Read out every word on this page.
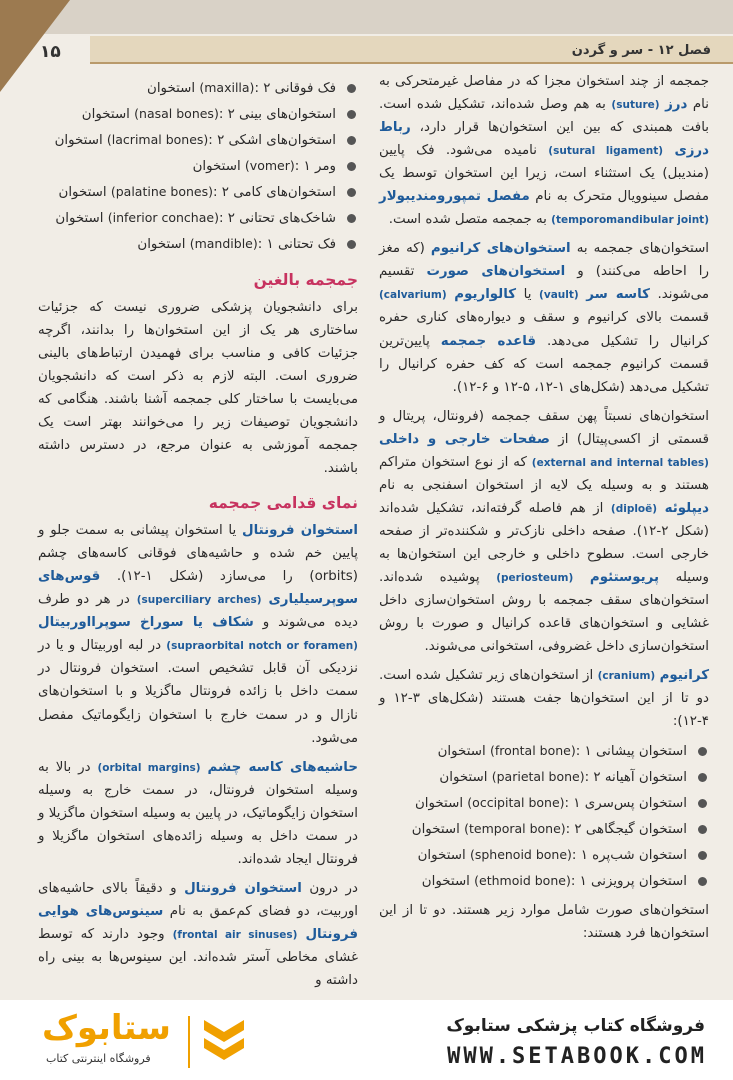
فصل ۱۲ - سر و گردن
۱۵

جمجمه از چند استخوان مجزا که در مفاصل غیرمتحرکی به نام درز (suture) به هم وصل شده‌اند، تشکیل شده است. بافت همبندی که بین این استخوان‌ها قرار دارد، رباط درزی (sutural ligament) نامیده می‌شود. فک پایین (مندیبل) یک استثناء است، زیرا این استخوان توسط یک مفصل سینوویال متحرک به نام مفصل تمپورومندیبولار (temporomandibular joint) به جمجمه متصل شده است.

استخوان‌های جمجمه به استخوان‌های کرانیوم (که مغز را احاطه می‌کنند) و استخوان‌های صورت تقسیم می‌شوند. کاسه سر (vault) یا کالواریوم (calvarium) قسمت بالای کرانیوم و سقف و دیواره‌های کناری حفره کرانیال را تشکیل می‌دهد. قاعده جمجمه پایین‌ترین قسمت کرانیوم جمجمه است که کف حفره کرانیال را تشکیل می‌دهد (شکل‌های ۱-۱۲، ۵-۱۲ و ۶-۱۲).

استخوان‌های نسبتاً پهن سقف جمجمه (فرونتال، پریتال و قسمتی از اکسی‌پیتال) از صفحات خارجی و داخلی (external and internal tables) که از نوع استخوان متراکم هستند و به وسیله یک لایه از استخوان اسفنجی به نام دیپلوئه (diploë) از هم فاصله گرفته‌اند، تشکیل شده‌اند (شکل ۲-۱۲). صفحه داخلی نازک‌تر و شکننده‌تر از صفحه خارجی است. سطوح داخلی و خارجی این استخوان‌ها به وسیله پریوستئوم (periosteum) پوشیده شده‌اند. استخوان‌های سقف جمجمه با روش استخوان‌سازی داخل غشایی و استخوان‌های قاعده کرانیال و صورت با روش استخوان‌سازی داخل غضروفی، استخوانی می‌شوند.

کرانیوم (cranium) از استخوان‌های زیر تشکیل شده است. دو تا از این استخوان‌ها جفت هستند (شکل‌های ۳-۱۲ و ۴-۱۲):

استخوان پیشانی (frontal bone): ۱ استخوان
استخوان آهیانه (parietal bone): ۲ استخوان
استخوان پس‌سری (occipital bone): ۱ استخوان
استخوان گیجگاهی (temporal bone): ۲ استخوان
استخوان شب‌پره (sphenoid bone): ۱ استخوان
استخوان پرویزنی (ethmoid bone): ۱ استخوان

استخوان‌های صورت شامل موارد زیر هستند. دو تا از این استخوان‌ها فرد هستند:

فک فوقانی (maxilla): ۲ استخوان
استخوان‌های بینی (nasal bones): ۲ استخوان
استخوان‌های اشکی (lacrimal bones): ۲ استخوان
ومر (vomer): ۱ استخوان
استخوان‌های کامی (palatine bones): ۲ استخوان
شاخک‌های تحتانی (inferior conchae): ۲ استخوان
فک تحتانی (mandible): ۱ استخوان
جمجمه بالغین

برای دانشجویان پزشکی ضروری نیست که جزئیات ساختاری هر یک از این استخوان‌ها را بدانند، اگرچه جزئیات کافی و مناسب برای فهمیدن ارتباط‌های بالینی ضروری است. البته لازم به ذکر است که دانشجویان می‌بایست با ساختار کلی جمجمه آشنا باشند. هنگامی که دانشجویان توصیفات زیر را می‌خوانند بهتر است یک جمجمه آموزشی به عنوان مرجع، در دسترس داشته باشند.

نمای قدامی جمجمه

استخوان فرونتال یا استخوان پیشانی به سمت جلو و پایین خم شده و حاشیه‌های فوقانی کاسه‌های چشم (orbits) را می‌سازد (شکل ۱-۱۲). قوس‌های سوپرسیلیاری (superciliary arches) در هر دو طرف دیده می‌شوند و شکاف یا سوراخ سوپرااوربیتال (supraorbital notch or foramen) در لبه اوربیتال و یا در نزدیکی آن قابل تشخیص است. استخوان فرونتال در سمت داخل با زائده فرونتال ماگزیلا و با استخوان‌های نازال و در سمت خارج با استخوان زایگوماتیک مفصل می‌شود.

حاشیه‌های کاسه چشم (orbital margins) در بالا به وسیله استخوان فرونتال، در سمت خارج به وسیله استخوان زایگوماتیک، در پایین به وسیله استخوان ماگزیلا و در سمت داخل به وسیله زائده‌های استخوان ماگزیلا و فرونتال ایجاد شده‌اند.

در درون استخوان فرونتال و دقیقاً بالای حاشیه‌های اوربیت، دو فضای کم‌عمق به نام سینوس‌های هوایی فرونتال (frontal air sinuses) وجود دارند که توسط غشای مخاطی آستر شده‌اند. این سینوس‌ها به بینی راه داشته و

فروشگاه کتاب پزشکی ستابوک
WWW.SETABOOK.COM
ستابوک
فروشگاه اینترنتی کتاب
